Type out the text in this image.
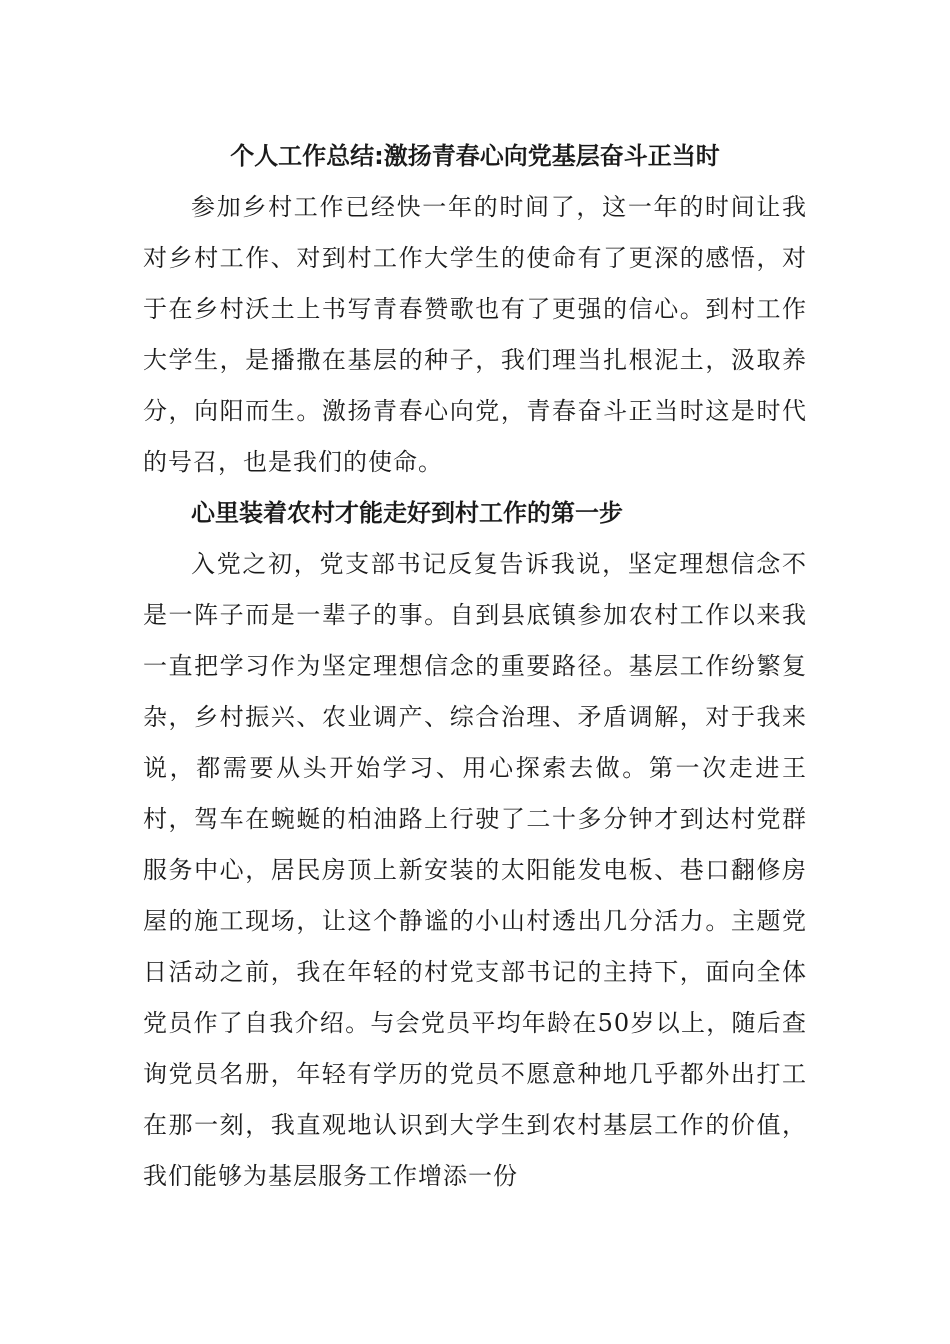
个人工作总结:激扬青春心向党基层奋斗正当时

参加乡村工作已经快一年的时间了，这一年的时间让我对乡村工作、对到村工作大学生的使命有了更深的感悟，对于在乡村沃土上书写青春赞歌也有了更强的信心。到村工作大学生，是播撒在基层的种子，我们理当扎根泥土，汲取养分，向阳而生。激扬青春心向党，青春奋斗正当时这是时代的号召，也是我们的使命。

心里装着农村才能走好到村工作的第一步

入党之初，党支部书记反复告诉我说，坚定理想信念不是一阵子而是一辈子的事。自到县底镇参加农村工作以来我一直把学习作为坚定理想信念的重要路径。基层工作纷繁复杂，乡村振兴、农业调产、综合治理、矛盾调解，对于我来说，都需要从头开始学习、用心探索去做。第一次走进王村，驾车在蜿蜒的柏油路上行驶了二十多分钟才到达村党群服务中心，居民房顶上新安装的太阳能发电板、巷口翻修房屋的施工现场，让这个静谧的小山村透出几分活力。主题党日活动之前，我在年轻的村党支部书记的主持下，面向全体党员作了自我介绍。与会党员平均年龄在50岁以上，随后查询党员名册，年轻有学历的党员不愿意种地几乎都外出打工在那一刻，我直观地认识到大学生到农村基层工作的价值，我们能够为基层服务工作增添一份
